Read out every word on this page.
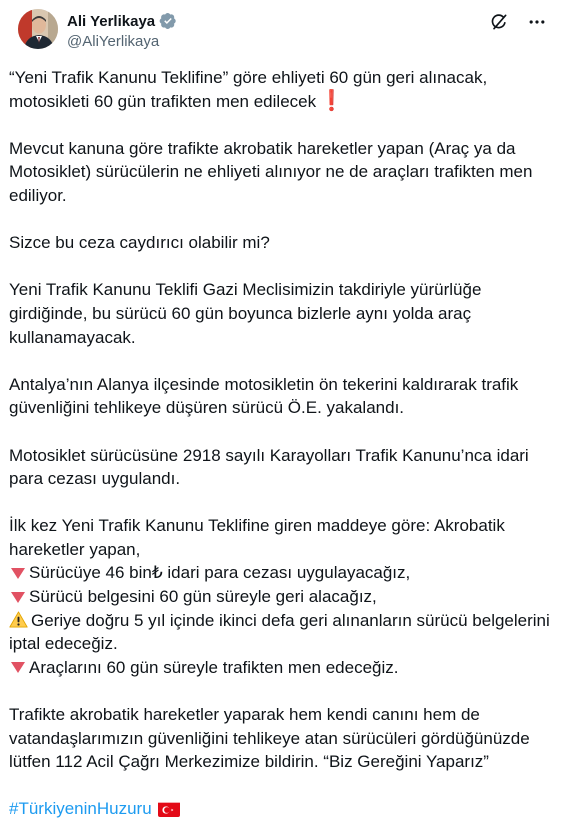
Ali Yerlikaya
@AliYerlikaya
“Yeni Trafik Kanunu Teklifine” göre ehliyeti 60 gün geri alınacak,
motosikleti 60 gün trafikten men edilecek ❗
Mevcut kanuna göre trafikte akrobatik hareketler yapan (Araç ya da
Motosiklet) sürücülerin ne ehliyeti alınıyor ne de araçları trafikten men
ediliyor.
Sizce bu ceza caydırıcı olabilir mi?
Yeni Trafik Kanunu Teklifi Gazi Meclisimizin takdiriyle yürürlüğe
girdiğinde, bu sürücü 60 gün boyunca bizlerle aynı yolda araç
kullanamayacak.
Antalya’nın Alanya ilçesinde motosikletin ön tekerini kaldırarak trafik
güvenliğini tehlikeye düşüren sürücü Ö.E. yakalandı.
Motosiklet sürücüsüne 2918 sayılı Karayolları Trafik Kanunu’nca idari
para cezası uygulandı.
İlk kez Yeni Trafik Kanunu Teklifine giren maddeye göre: Akrobatik
hareketler yapan,
Sürücüye 46 bin₺ idari para cezası uygulayacağız,
Sürücü belgesini 60 gün süreyle geri alacağız,
Geriye doğru 5 yıl içinde ikinci defa geri alınanların sürücü belgelerini
iptal edeceğiz.
Araçlarını 60 gün süreyle trafikten men edeceğiz.
Trafikte akrobatik hareketler yaparak hem kendi canını hem de
vatandaşlarımızın güvenliğini tehlikeye atan sürücüleri gördüğünüzde
lütfen 112 Acil Çağrı Merkezimize bildirin. “Biz Gereğini Yaparız”
#TürkiyeninHuzuru
